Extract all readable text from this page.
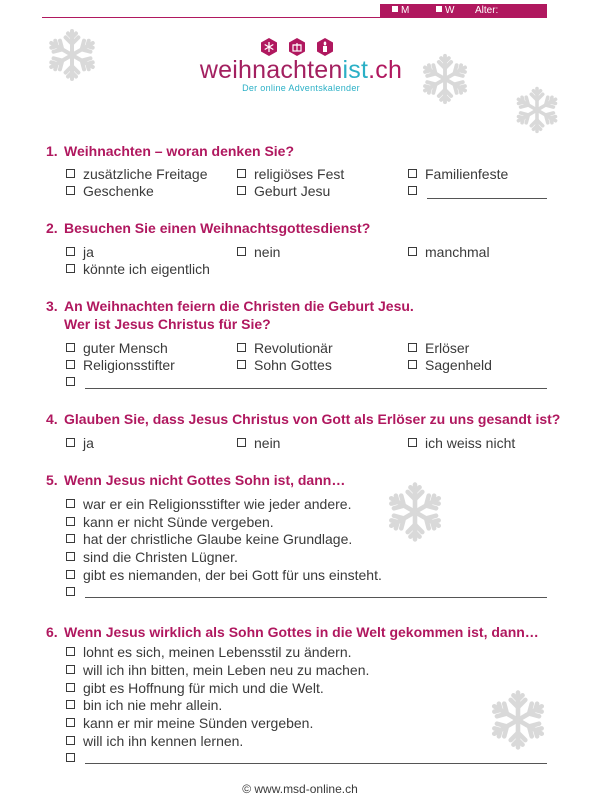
M	W Alter:
weihnachtenist.ch
Der online Adventskalender
1. Weihnachten – woran denken Sie?
zusätzliche Freitage	religiöses Fest	Familienfeste
Geschenke	Geburt Jesu
2. Besuchen Sie einen Weihnachtsgottesdienst?
ja	nein	manchmal
könnte ich eigentlich
3. An Weihnachten feiern die Christen die Geburt Jesu.
Wer ist Jesus Christus für Sie?
guter Mensch	Revolutionär	Erlöser
Religionsstifter	Sohn Gottes	Sagenheld
4. Glauben Sie, dass Jesus Christus von Gott als Erlöser zu uns gesandt ist?
ja	nein	ich weiss nicht
5. Wenn Jesus nicht Gottes Sohn ist, dann…
war er ein Religionsstifter wie jeder andere.
kann er nicht Sünde vergeben.
hat der christliche Glaube keine Grundlage.
sind die Christen Lügner.
gibt es niemanden, der bei Gott für uns einsteht.
6. Wenn Jesus wirklich als Sohn Gottes in die Welt gekommen ist, dann…
lohnt es sich, meinen Lebensstil zu ändern.
will ich ihn bitten, mein Leben neu zu machen.
gibt es Hoffnung für mich und die Welt.
bin ich nie mehr allein.
kann er mir meine Sünden vergeben.
will ich ihn kennen lernen.
© www.msd-online.ch
